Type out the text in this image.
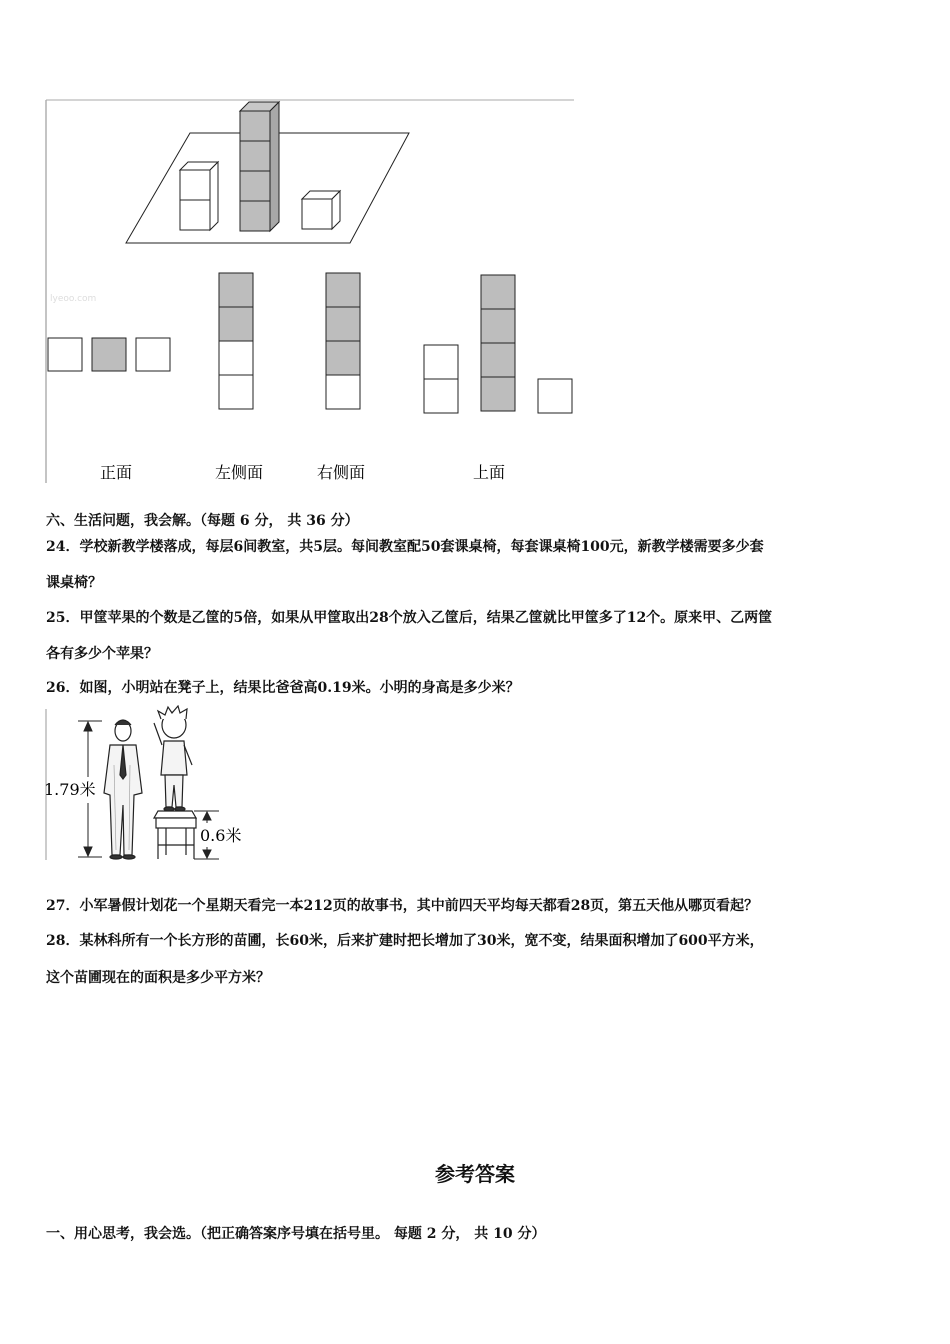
lyeoo.com
正面	左侧面	右侧面	上面
六、生活问题，我会解。（每题 6 分， 共 36 分）
24．学校新教学楼落成，每层6间教室，共5层。每间教室配50套课桌椅，每套课桌椅100元，新教学楼需要多少套
课桌椅？
25．甲筐苹果的个数是乙筐的5倍，如果从甲筐取出28个放入乙筐后，结果乙筐就比甲筐多了12个。原来甲、乙两筐
各有多少个苹果？
26．如图，小明站在凳子上，结果比爸爸高0.19米。小明的身高是多少米？
1.79米
0.6米
27．小军暑假计划花一个星期天看完一本212页的故事书，其中前四天平均每天都看28页，第五天他从哪页看起？
28．某林科所有一个长方形的苗圃，长60米，后来扩建时把长增加了30米，宽不变，结果面积增加了600平方米，
这个苗圃现在的面积是多少平方米？
参考答案
一、用心思考，我会选。（把正确答案序号填在括号里。 每题 2 分， 共 10 分）
